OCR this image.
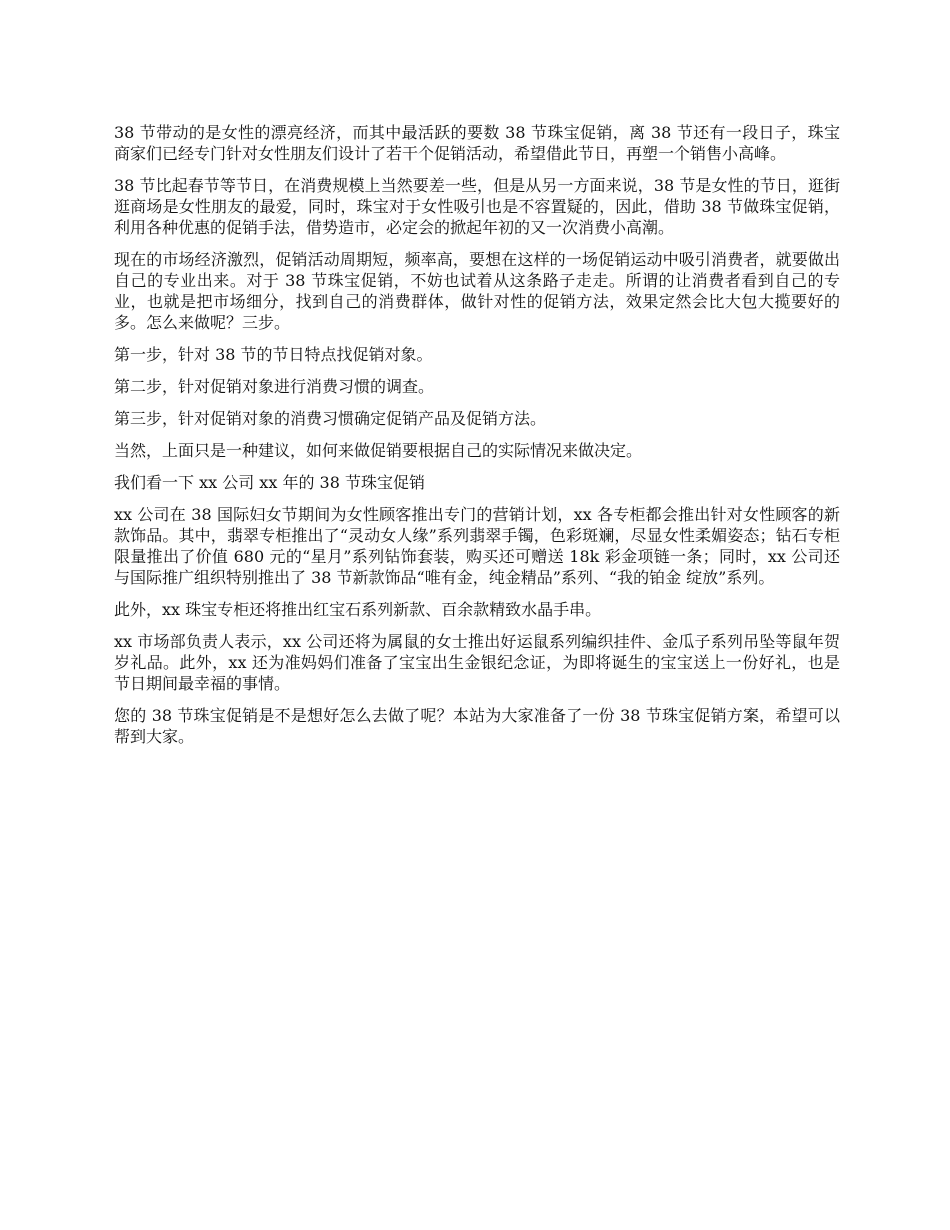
38 节带动的是女性的漂亮经济，而其中最活跃的要数 38 节珠宝促销，离 38 节还有一段日子，珠宝商家们已经专门针对女性朋友们设计了若干个促销活动，希望借此节日，再塑一个销售小高峰。

38 节比起春节等节日，在消费规模上当然要差一些，但是从另一方面来说，38 节是女性的节日，逛街逛商场是女性朋友的最爱，同时，珠宝对于女性吸引也是不容置疑的，因此，借助 38 节做珠宝促销，利用各种优惠的促销手法，借势造市，必定会的掀起年初的又一次消费小高潮。

现在的市场经济激烈，促销活动周期短，频率高，要想在这样的一场促销运动中吸引消费者，就要做出自己的专业出来。对于 38 节珠宝促销，不妨也试着从这条路子走走。所谓的让消费者看到自己的专业，也就是把市场细分，找到自己的消费群体，做针对性的促销方法，效果定然会比大包大揽要好的多。怎么来做呢？三步。

第一步，针对 38 节的节日特点找促销对象。

第二步，针对促销对象进行消费习惯的调查。

第三步，针对促销对象的消费习惯确定促销产品及促销方法。

当然，上面只是一种建议，如何来做促销要根据自己的实际情况来做决定。

我们看一下 xx 公司 xx 年的 38 节珠宝促销

xx 公司在 38 国际妇女节期间为女性顾客推出专门的营销计划，xx 各专柜都会推出针对女性顾客的新款饰品。其中，翡翠专柜推出了“灵动女人缘”系列翡翠手镯，色彩斑斓，尽显女性柔媚姿态；钻石专柜限量推出了价值 680 元的“星月”系列钻饰套装，购买还可赠送 18k 彩金项链一条；同时，xx 公司还与国际推广组织特别推出了 38 节新款饰品“唯有金，纯金精品”系列、“我的铂金 绽放”系列。

此外，xx 珠宝专柜还将推出红宝石系列新款、百余款精致水晶手串。

xx 市场部负责人表示，xx 公司还将为属鼠的女士推出好运鼠系列编织挂件、金瓜子系列吊坠等鼠年贺岁礼品。此外，xx 还为准妈妈们准备了宝宝出生金银纪念证，为即将诞生的宝宝送上一份好礼，也是节日期间最幸福的事情。

您的 38 节珠宝促销是不是想好怎么去做了呢？本站为大家准备了一份 38 节珠宝促销方案，希望可以帮到大家。
